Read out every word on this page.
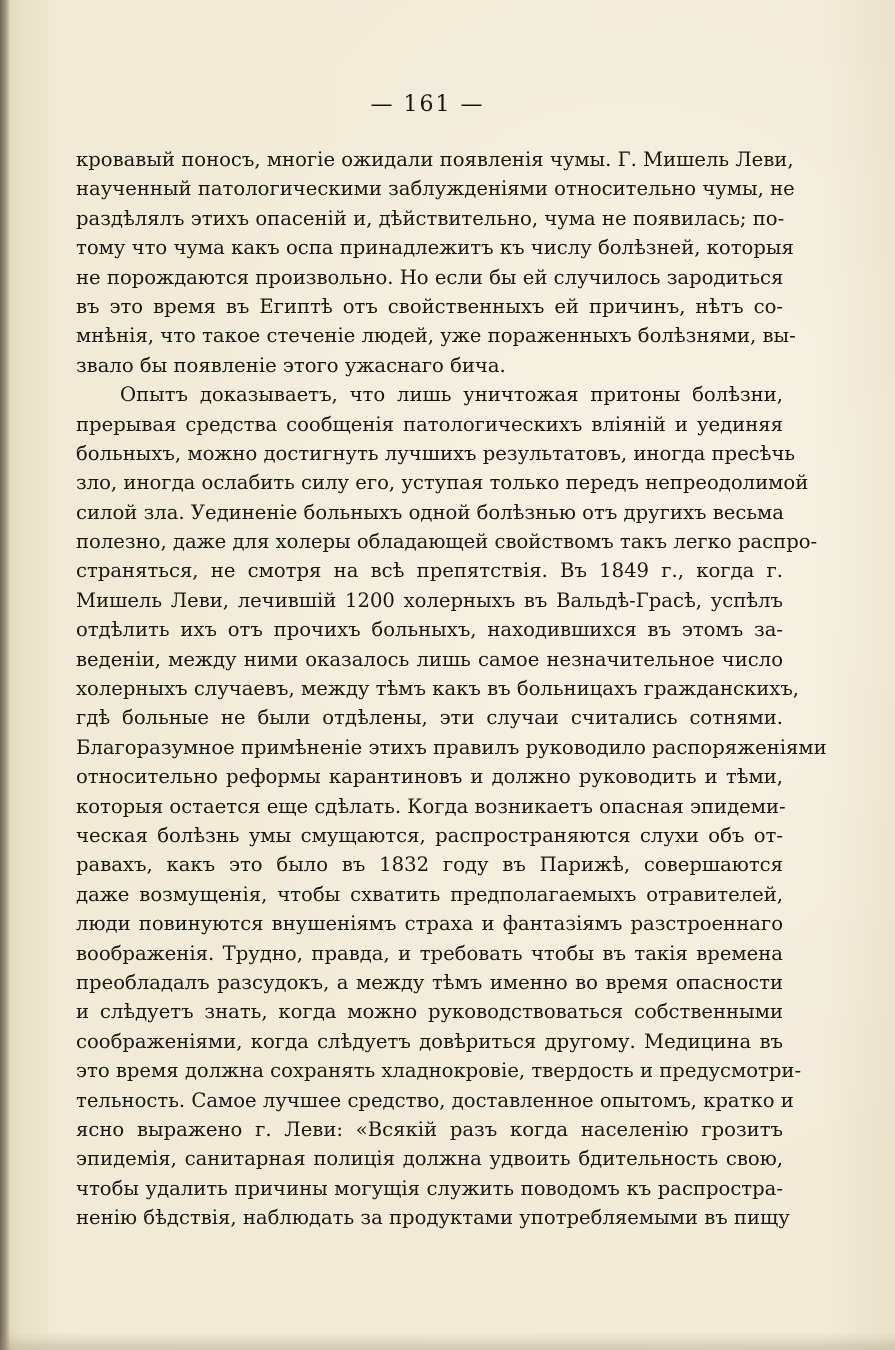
— 161 —
кровавый поносъ, многіе ожидали появленія чумы. Г. Мишель Леви,
наученный патологическими заблужденіями относительно чумы, не
раздѣлялъ этихъ опасеній и, дѣйствительно, чума не появилась; по-
тому что чума какъ оспа принадлежитъ къ числу болѣзней, которыя
не порождаются произвольно. Но если бы ей случилось зародиться
въ это время въ Египтѣ отъ свойственныхъ ей причинъ, нѣтъ со-
мнѣнія, что такое стеченіе людей, уже пораженныхъ болѣзнями, вы-
звало бы появленіе этого ужаснаго бича.
Опытъ доказываетъ, что лишь уничтожая притоны болѣзни,
прерывая средства сообщенія патологическихъ вліяній и уединяя
больныхъ, можно достигнуть лучшихъ результатовъ, иногда пресѣчь
зло, иногда ослабить силу его, уступая только передъ непреодолимой
силой зла. Уединеніе больныхъ одной болѣзнью отъ другихъ весьма
полезно, даже для холеры обладающей свойствомъ такъ легко распро-
страняться, не смотря на всѣ препятствія. Въ 1849 г., когда г.
Мишель Леви, лечившій 1200 холерныхъ въ Вальдѣ-Грасѣ, успѣлъ
отдѣлить ихъ отъ прочихъ больныхъ, находившихся въ этомъ за-
веденіи, между ними оказалось лишь самое незначительное число
холерныхъ случаевъ, между тѣмъ какъ въ больницахъ гражданскихъ,
гдѣ больные не были отдѣлены, эти случаи считались сотнями.
Благоразумное примѣненіе этихъ правилъ руководило распоряженіями
относительно реформы карантиновъ и должно руководить и тѣми,
которыя остается еще сдѣлать. Когда возникаетъ опасная эпидеми-
ческая болѣзнь умы смущаются, распространяются слухи объ от-
равахъ, какъ это было въ 1832 году въ Парижѣ, совершаются
даже возмущенія, чтобы схватить предполагаемыхъ отравителей,
люди повинуются внушеніямъ страха и фантазіямъ разстроеннаго
воображенія. Трудно, правда, и требовать чтобы въ такія времена
преобладалъ разсудокъ, а между тѣмъ именно во время опасности
и слѣдуетъ знать, когда можно руководствоваться собственными
соображеніями, когда слѣдуетъ довѣриться другому. Медицина въ
это время должна сохранять хладнокровіе, твердость и предусмотри-
тельность. Самое лучшее средство, доставленное опытомъ, кратко и
ясно выражено г. Леви: «Всякій разъ когда населенію грозитъ
эпидемія, санитарная полиція должна удвоить бдительность свою,
чтобы удалить причины могущія служить поводомъ къ распростра-
ненію бѣдствія, наблюдать за продуктами употребляемыми въ пищу
